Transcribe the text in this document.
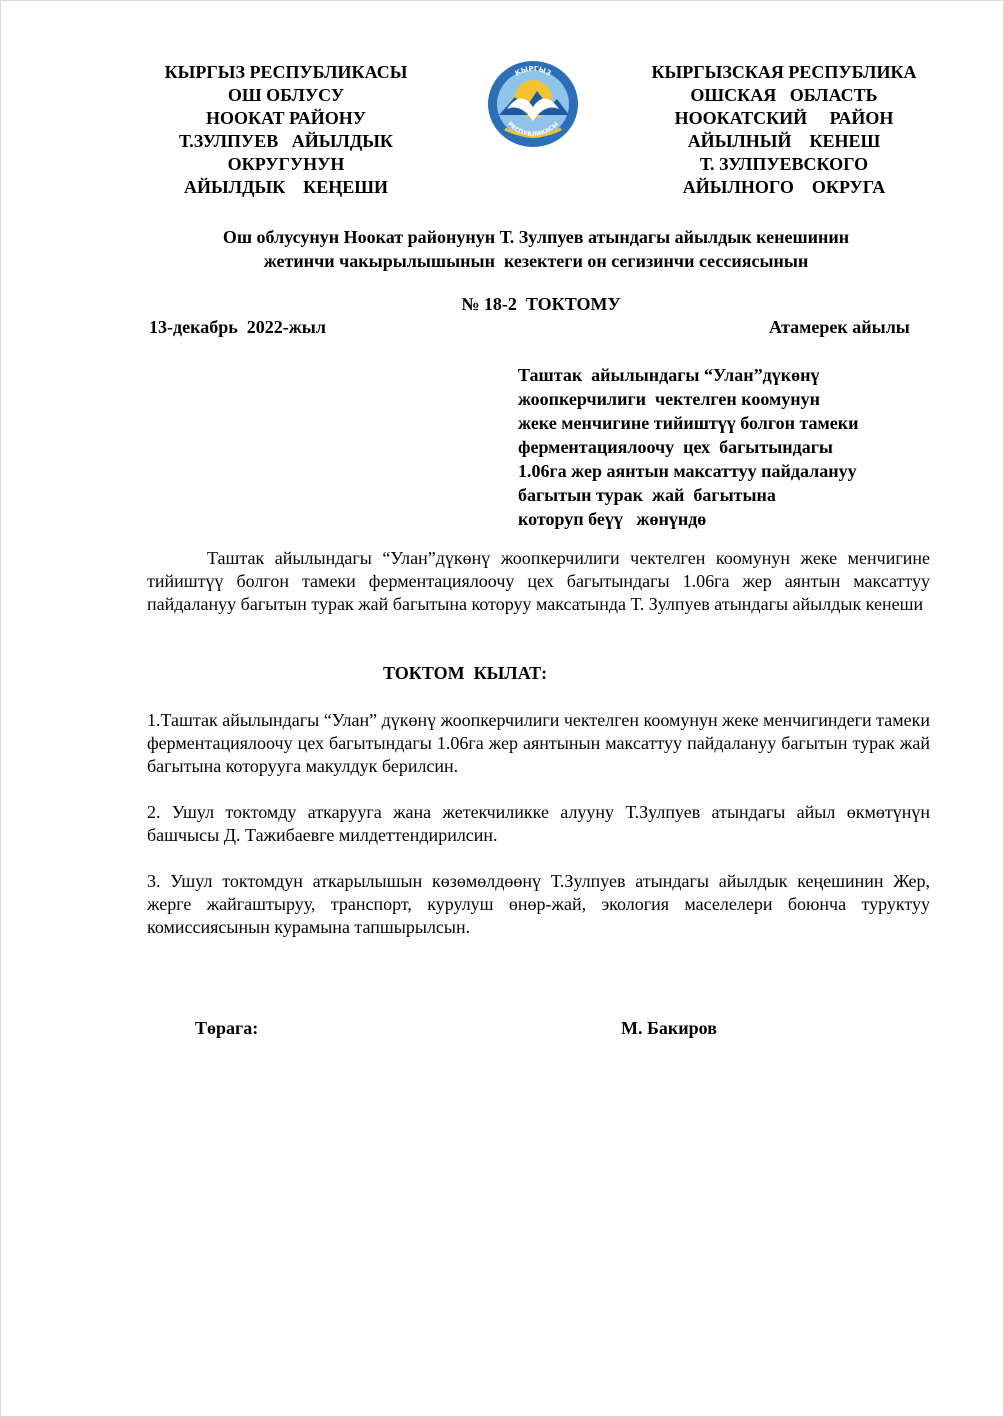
КЫРГЫЗ РЕСПУБЛИКАСЫ
ОШ ОБЛУСУ
НООКАТ РАЙОНУ
Т.ЗУЛПУЕВ   АЙЫЛДЫК
ОКРУГУНУН
АЙЫЛДЫК    КЕҢЕШИ
КЫРГЫЗ
РЕСПУБЛИКАСЫ
КЫРГЫЗСКАЯ РЕСПУБЛИКА
ОШСКАЯ   ОБЛАСТЬ
НООКАТСКИЙ     РАЙОН
АЙЫЛНЫЙ    КЕНЕШ
Т. ЗУЛПУЕВСКОГО
АЙЫЛНОГО    ОКРУГА
Ош облусунун Ноокат районунун Т. Зулпуев атындагы айылдык кенешинин
жетинчи чакырылышынын  кезектеги он сегизинчи сессиясынын
№ 18-2  ТОКТОМУ
13-декабрь  2022-жыл	Атамерек айылы
Таштак  айылындагы “Улан”дүкөнү
жоопкерчилиги  чектелген коомунун
жеке менчигине тийиштүү болгон тамеки
ферментациялоочу  цех  багытындагы
1.06га жер аянтын максаттуу пайдалануу
багытын турак  жай  багытына
которуп беүү   жөнүндө
Таштак айылындагы “Улан”дүкөнү жоопкерчилиги чектелген коомунун жеке менчигине тийиштүү болгон тамеки ферментациялоочу цех багытындагы 1.06га жер аянтын максаттуу пайдалануу багытын турак жай багытына которуу максатында Т. Зулпуев атындагы айылдык кенеши
ТОКТОМ  КЫЛАТ:
1.Таштак айылындагы “Улан” дүкөнү жоопкерчилиги чектелген коомунун жеке менчигиндеги тамеки ферментациялоочу цех багытындагы 1.06га жер аянтынын максаттуу пайдалануу багытын турак жай багытына которууга макулдук берилсин.
2. Ушул токтомду аткарууга жана жетекчиликке алууну Т.Зулпуев атындагы айыл өкмөтүнүн башчысы Д. Тажибаевге милдеттендирилсин.
3. Ушул токтомдун аткарылышын көзөмөлдөөнү Т.Зулпуев атындагы айылдык кеңешинин Жер, жерге жайгаштыруу, транспорт, курулуш өнөр-жай, экология маселелери боюнча туруктуу комиссиясынын курамына тапшырылсын.
Төрага:	М. Бакиров
